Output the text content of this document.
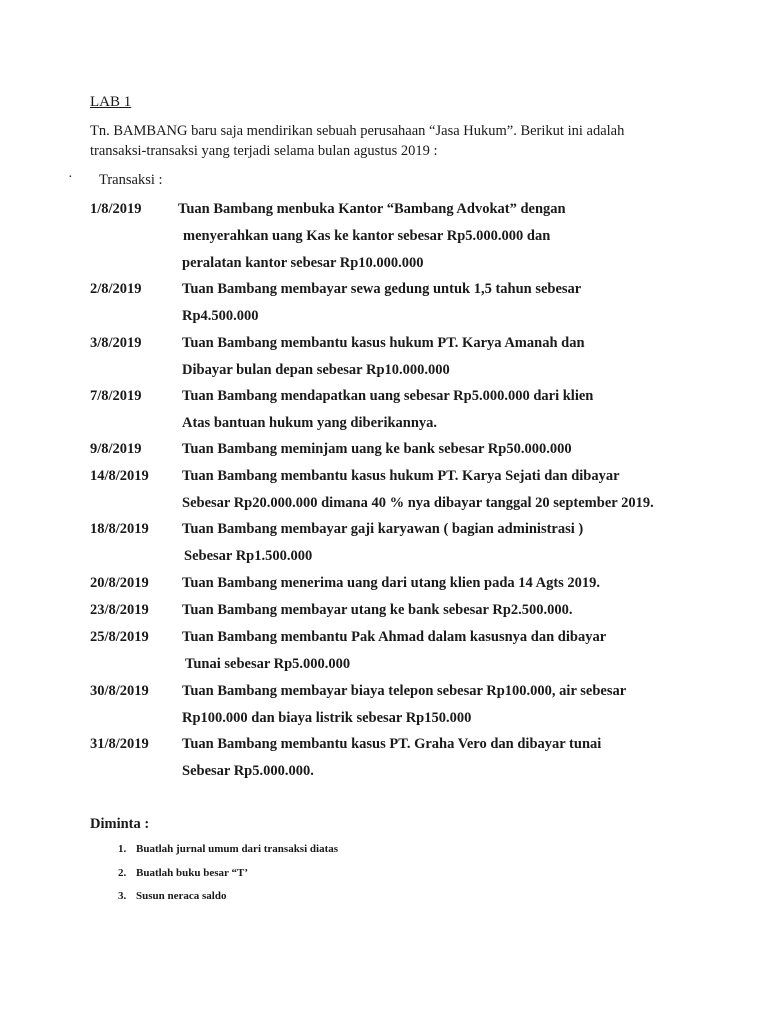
LAB 1
Tn. BAMBANG baru saja mendirikan sebuah perusahaan “Jasa Hukum”. Berikut ini adalah
transaksi-transaksi yang terjadi selama bulan agustus 2019 :
· Transaksi :
1/8/2019	Tuan Bambang menbuka Kantor “Bambang Advokat” dengan
menyerahkan uang Kas ke kantor sebesar Rp5.000.000 dan
peralatan kantor sebesar Rp10.000.000
2/8/2019	Tuan Bambang membayar sewa gedung untuk 1,5 tahun sebesar
Rp4.500.000
3/8/2019	Tuan Bambang membantu kasus hukum PT. Karya Amanah dan
Dibayar bulan depan sebesar Rp10.000.000
7/8/2019	Tuan Bambang mendapatkan uang sebesar Rp5.000.000 dari klien
Atas bantuan hukum yang diberikannya.
9/8/2019	Tuan Bambang meminjam uang ke bank sebesar Rp50.000.000
14/8/2019 Tuan Bambang membantu kasus hukum PT. Karya Sejati dan dibayar
Sebesar Rp20.000.000 dimana 40 % nya dibayar tanggal 20 september 2019.
18/8/2019 Tuan Bambang membayar gaji karyawan ( bagian administrasi )
Sebesar Rp1.500.000
20/8/2019 Tuan Bambang menerima uang dari utang klien pada 14 Agts 2019.
23/8/2019 Tuan Bambang membayar utang ke bank sebesar Rp2.500.000.
25/8/2019 Tuan Bambang membantu Pak Ahmad dalam kasusnya dan dibayar
Tunai sebesar Rp5.000.000
30/8/2019 Tuan Bambang membayar biaya telepon sebesar Rp100.000, air sebesar
Rp100.000 dan biaya listrik sebesar Rp150.000
31/8/2019 Tuan Bambang membantu kasus PT. Graha Vero dan dibayar tunai
Sebesar Rp5.000.000.
Diminta :
1. Buatlah jurnal umum dari transaksi diatas
2. Buatlah buku besar “T’
3. Susun neraca saldo
